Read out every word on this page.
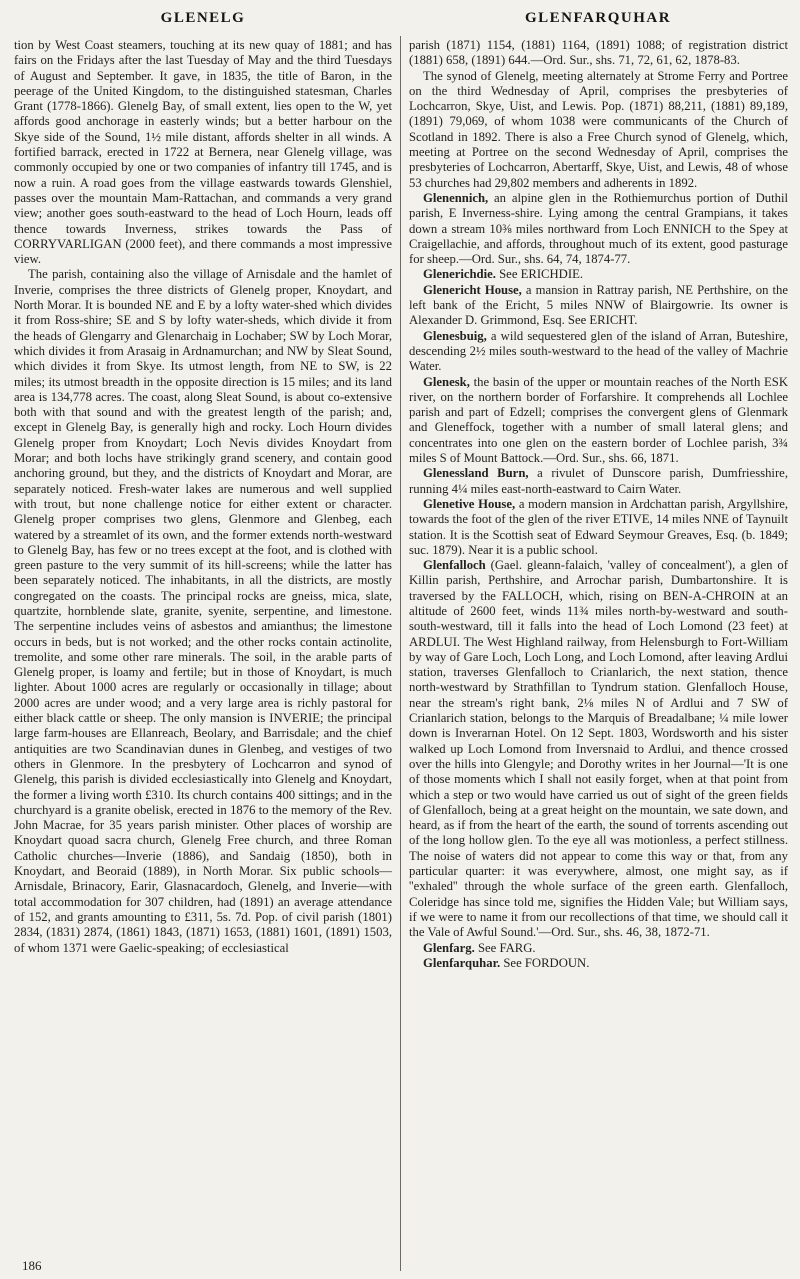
GLENELG	GLENFARQUHAR

tion by West Coast steamers, touching at its new quay of 1881; and has fairs on the Fridays after the last Tuesday of May and the third Tuesdays of August and September. It gave, in 1835, the title of Baron, in the peerage of the United Kingdom, to the distinguished statesman, Charles Grant (1778-1866). Glenelg Bay, of small extent, lies open to the W, yet affords good anchorage in easterly winds; but a better harbour on the Skye side of the Sound, 1½ mile distant, affords shelter in all winds. A fortified barrack, erected in 1722 at Bernera, near Glenelg village, was commonly occupied by one or two companies of infantry till 1745, and is now a ruin. A road goes from the village eastwards towards Glenshiel, passes over the mountain Mam-Rattachan, and commands a very grand view; another goes south-eastward to the head of Loch Hourn, leads off thence towards Inverness, strikes towards the Pass of CORRYVARLIGAN (2000 feet), and there commands a most impressive view.

The parish, containing also the village of Arnisdale and the hamlet of Inverie, comprises the three districts of Glenelg proper, Knoydart, and North Morar. It is bounded NE and E by a lofty water-shed which divides it from Ross-shire; SE and S by lofty water-sheds, which divide it from the heads of Glengarry and Glenarchaig in Lochaber; SW by Loch Morar, which divides it from Arasaig in Ardnamurchan; and NW by Sleat Sound, which divides it from Skye. Its utmost length, from NE to SW, is 22 miles; its utmost breadth in the opposite direction is 15 miles; and its land area is 134,778 acres. The coast, along Sleat Sound, is about co-extensive both with that sound and with the greatest length of the parish; and, except in Glenelg Bay, is generally high and rocky. Loch Hourn divides Glenelg proper from Knoydart; Loch Nevis divides Knoydart from Morar; and both lochs have strikingly grand scenery, and contain good anchoring ground, but they, and the districts of Knoydart and Morar, are separately noticed. Fresh-water lakes are numerous and well supplied with trout, but none challenge notice for either extent or character. Glenelg proper comprises two glens, Glenmore and Glenbeg, each watered by a streamlet of its own, and the former extends north-westward to Glenelg Bay, has few or no trees except at the foot, and is clothed with green pasture to the very summit of its hill-screens; while the latter has been separately noticed. The inhabitants, in all the districts, are mostly congregated on the coasts. The principal rocks are gneiss, mica, slate, quartzite, hornblende slate, granite, syenite, serpentine, and limestone. The serpentine includes veins of asbestos and amianthus; the limestone occurs in beds, but is not worked; and the other rocks contain actinolite, tremolite, and some other rare minerals. The soil, in the arable parts of Glenelg proper, is loamy and fertile; but in those of Knoydart, is much lighter. About 1000 acres are regularly or occasionally in tillage; about 2000 acres are under wood; and a very large area is richly pastoral for either black cattle or sheep. The only mansion is INVERIE; the principal large farm-houses are Ellanreach, Beolary, and Barrisdale; and the chief antiquities are two Scandinavian dunes in Glenbeg, and vestiges of two others in Glenmore. In the presbytery of Lochcarron and synod of Glenelg, this parish is divided ecclesiastically into Glenelg and Knoydart, the former a living worth £310. Its church contains 400 sittings; and in the churchyard is a granite obelisk, erected in 1876 to the memory of the Rev. John Macrae, for 35 years parish minister. Other places of worship are Knoydart quoad sacra church, Glenelg Free church, and three Roman Catholic churches—Inverie (1886), and Sandaig (1850), both in Knoydart, and Beoraid (1889), in North Morar. Six public schools—Arnisdale, Brinacory, Earir, Glasnacardoch, Glenelg, and Inverie—with total accommodation for 307 children, had (1891) an average attendance of 152, and grants amounting to £311, 5s. 7d. Pop. of civil parish (1801) 2834, (1831) 2874, (1861) 1843, (1871) 1653, (1881) 1601, (1891) 1503, of whom 1371 were Gaelic-speaking; of ecclesiastical

parish (1871) 1154, (1881) 1164, (1891) 1088; of registration district (1881) 658, (1891) 644.—Ord. Sur., shs. 71, 72, 61, 62, 1878-83.

The synod of Glenelg, meeting alternately at Strome Ferry and Portree on the third Wednesday of April, comprises the presbyteries of Lochcarron, Skye, Uist, and Lewis. Pop. (1871) 88,211, (1881) 89,189, (1891) 79,069, of whom 1038 were communicants of the Church of Scotland in 1892. There is also a Free Church synod of Glenelg, which, meeting at Portree on the second Wednesday of April, comprises the presbyteries of Lochcarron, Abertarff, Skye, Uist, and Lewis, 48 of whose 53 churches had 29,802 members and adherents in 1892.

Glenennich, an alpine glen in the Rothiemurchus portion of Duthil parish, E Inverness-shire. Lying among the central Grampians, it takes down a stream 10⅜ miles northward from Loch ENNICH to the Spey at Craigellachie, and affords, throughout much of its extent, good pasturage for sheep.—Ord. Sur., shs. 64, 74, 1874-77.

Glenerichdie. See ERICHDIE.

Glenericht House, a mansion in Rattray parish, NE Perthshire, on the left bank of the Ericht, 5 miles NNW of Blairgowrie. Its owner is Alexander D. Grimmond, Esq. See ERICHT.

Glenesbuig, a wild sequestered glen of the island of Arran, Buteshire, descending 2½ miles south-westward to the head of the valley of Machrie Water.

Glenesk, the basin of the upper or mountain reaches of the North ESK river, on the northern border of Forfarshire. It comprehends all Lochlee parish and part of Edzell; comprises the convergent glens of Glenmark and Gleneffock, together with a number of small lateral glens; and concentrates into one glen on the eastern border of Lochlee parish, 3¾ miles S of Mount Battock.—Ord. Sur., shs. 66, 1871.

Glenessland Burn, a rivulet of Dunscore parish, Dumfriesshire, running 4¼ miles east-north-eastward to Cairn Water.

Glenetive House, a modern mansion in Ardchattan parish, Argyllshire, towards the foot of the glen of the river ETIVE, 14 miles NNE of Taynuilt station. It is the Scottish seat of Edward Seymour Greaves, Esq. (b. 1849; suc. 1879). Near it is a public school.

Glenfalloch (Gael. gleann-falaich, 'valley of concealment'), a glen of Killin parish, Perthshire, and Arrochar parish, Dumbartonshire. It is traversed by the FALLOCH, which, rising on BEN-A-CHROIN at an altitude of 2600 feet, winds 11¾ miles north-by-westward and south-south-westward, till it falls into the head of Loch Lomond (23 feet) at ARDLUI. The West Highland railway, from Helensburgh to Fort-William by way of Gare Loch, Loch Long, and Loch Lomond, after leaving Ardlui station, traverses Glenfalloch to Crianlarich, the next station, thence north-westward by Strathfillan to Tyndrum station. Glenfalloch House, near the stream's right bank, 2⅛ miles N of Ardlui and 7 SW of Crianlarich station, belongs to the Marquis of Breadalbane; ¼ mile lower down is Inverarnan Hotel. On 12 Sept. 1803, Wordsworth and his sister walked up Loch Lomond from Inversnaid to Ardlui, and thence crossed over the hills into Glengyle; and Dorothy writes in her Journal—'It is one of those moments which I shall not easily forget, when at that point from which a step or two would have carried us out of sight of the green fields of Glenfalloch, being at a great height on the mountain, we sate down, and heard, as if from the heart of the earth, the sound of torrents ascending out of the long hollow glen. To the eye all was motionless, a perfect stillness. The noise of waters did not appear to come this way or that, from any particular quarter: it was everywhere, almost, one might say, as if ''exhaled'' through the whole surface of the green earth. Glenfalloch, Coleridge has since told me, signifies the Hidden Vale; but William says, if we were to name it from our recollections of that time, we should call it the Vale of Awful Sound.'—Ord. Sur., shs. 46, 38, 1872-71.

Glenfarg. See FARG.

Glenfarquhar. See FORDOUN.

186
